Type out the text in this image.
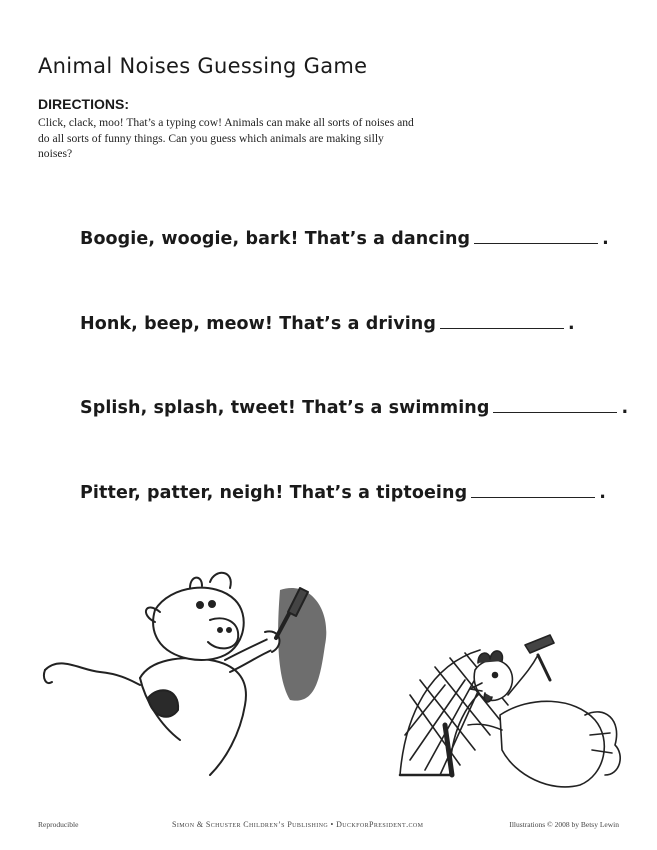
Animal Noises Guessing Game
DIRECTIONS:
Click, clack, moo! That’s a typing cow! Animals can make all sorts of noises and do all sorts of funny things. Can you guess which animals are making silly noises?
Boogie, woogie, bark! That’s a dancing	.
Honk, beep, meow! That’s a driving	.
Splish, splash, tweet! That’s a swimming	.
Pitter, patter, neigh! That’s a tiptoeing	.
Reproducible	Simon & Schuster Children’s Publishing • DuckforPresident.com	Illustrations © 2008 by Betsy Lewin
